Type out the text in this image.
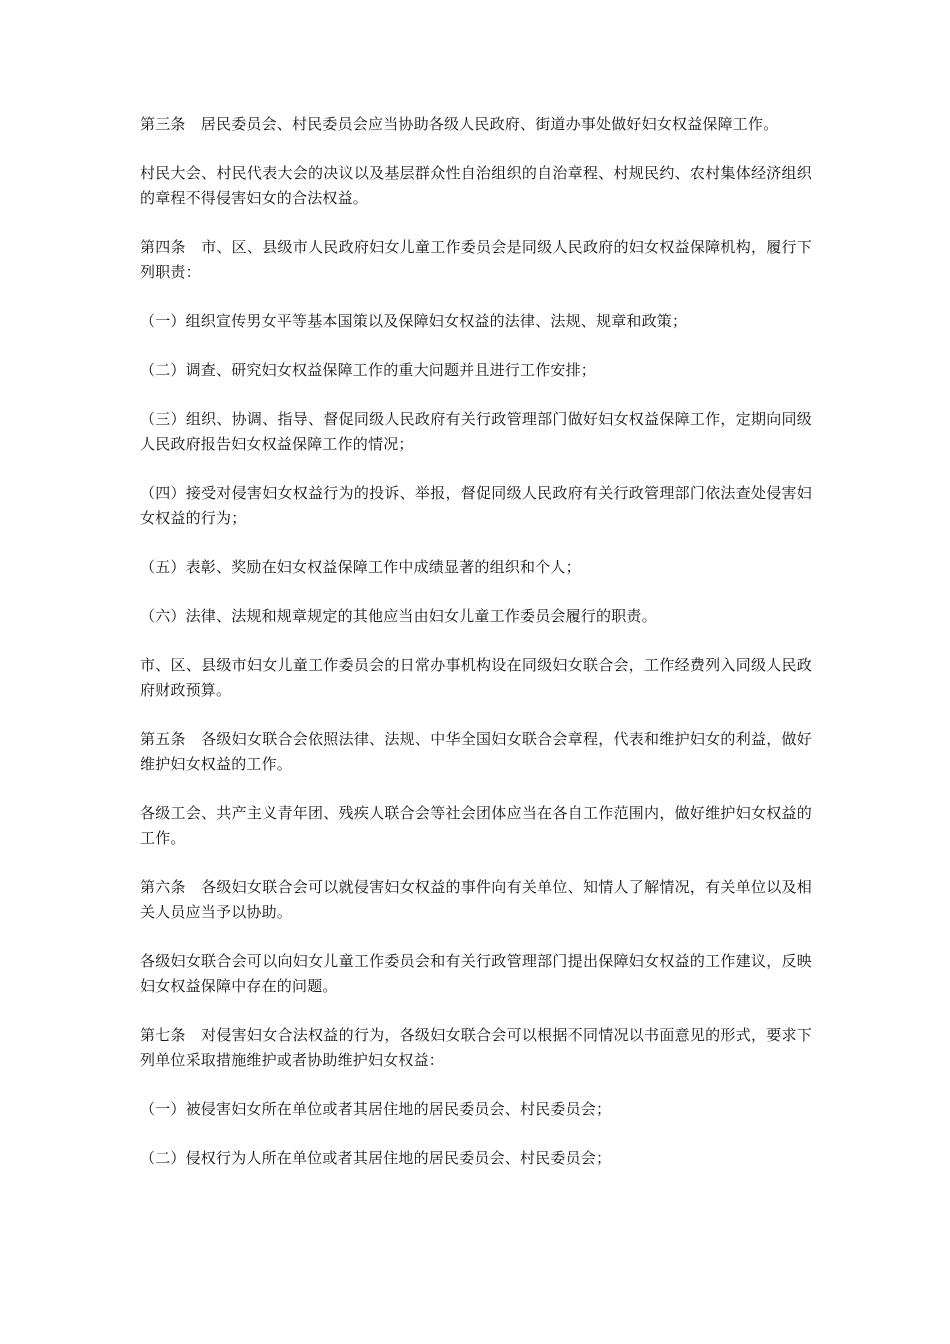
第三条　居民委员会、村民委员会应当协助各级人民政府、街道办事处做好妇女权益保障工作。

村民大会、村民代表大会的决议以及基层群众性自治组织的自治章程、村规民约、农村集体经济组织的章程不得侵害妇女的合法权益。

第四条　市、区、县级市人民政府妇女儿童工作委员会是同级人民政府的妇女权益保障机构，履行下列职责：

（一）组织宣传男女平等基本国策以及保障妇女权益的法律、法规、规章和政策；

（二）调查、研究妇女权益保障工作的重大问题并且进行工作安排；

（三）组织、协调、指导、督促同级人民政府有关行政管理部门做好妇女权益保障工作，定期向同级人民政府报告妇女权益保障工作的情况；

（四）接受对侵害妇女权益行为的投诉、举报，督促同级人民政府有关行政管理部门依法查处侵害妇女权益的行为；

（五）表彰、奖励在妇女权益保障工作中成绩显著的组织和个人；

（六）法律、法规和规章规定的其他应当由妇女儿童工作委员会履行的职责。

市、区、县级市妇女儿童工作委员会的日常办事机构设在同级妇女联合会，工作经费列入同级人民政府财政预算。

第五条　各级妇女联合会依照法律、法规、中华全国妇女联合会章程，代表和维护妇女的利益，做好维护妇女权益的工作。

各级工会、共产主义青年团、残疾人联合会等社会团体应当在各自工作范围内，做好维护妇女权益的工作。

第六条　各级妇女联合会可以就侵害妇女权益的事件向有关单位、知情人了解情况，有关单位以及相关人员应当予以协助。

各级妇女联合会可以向妇女儿童工作委员会和有关行政管理部门提出保障妇女权益的工作建议，反映妇女权益保障中存在的问题。

第七条　对侵害妇女合法权益的行为，各级妇女联合会可以根据不同情况以书面意见的形式，要求下列单位采取措施维护或者协助维护妇女权益：

（一）被侵害妇女所在单位或者其居住地的居民委员会、村民委员会；

（二）侵权行为人所在单位或者其居住地的居民委员会、村民委员会；
